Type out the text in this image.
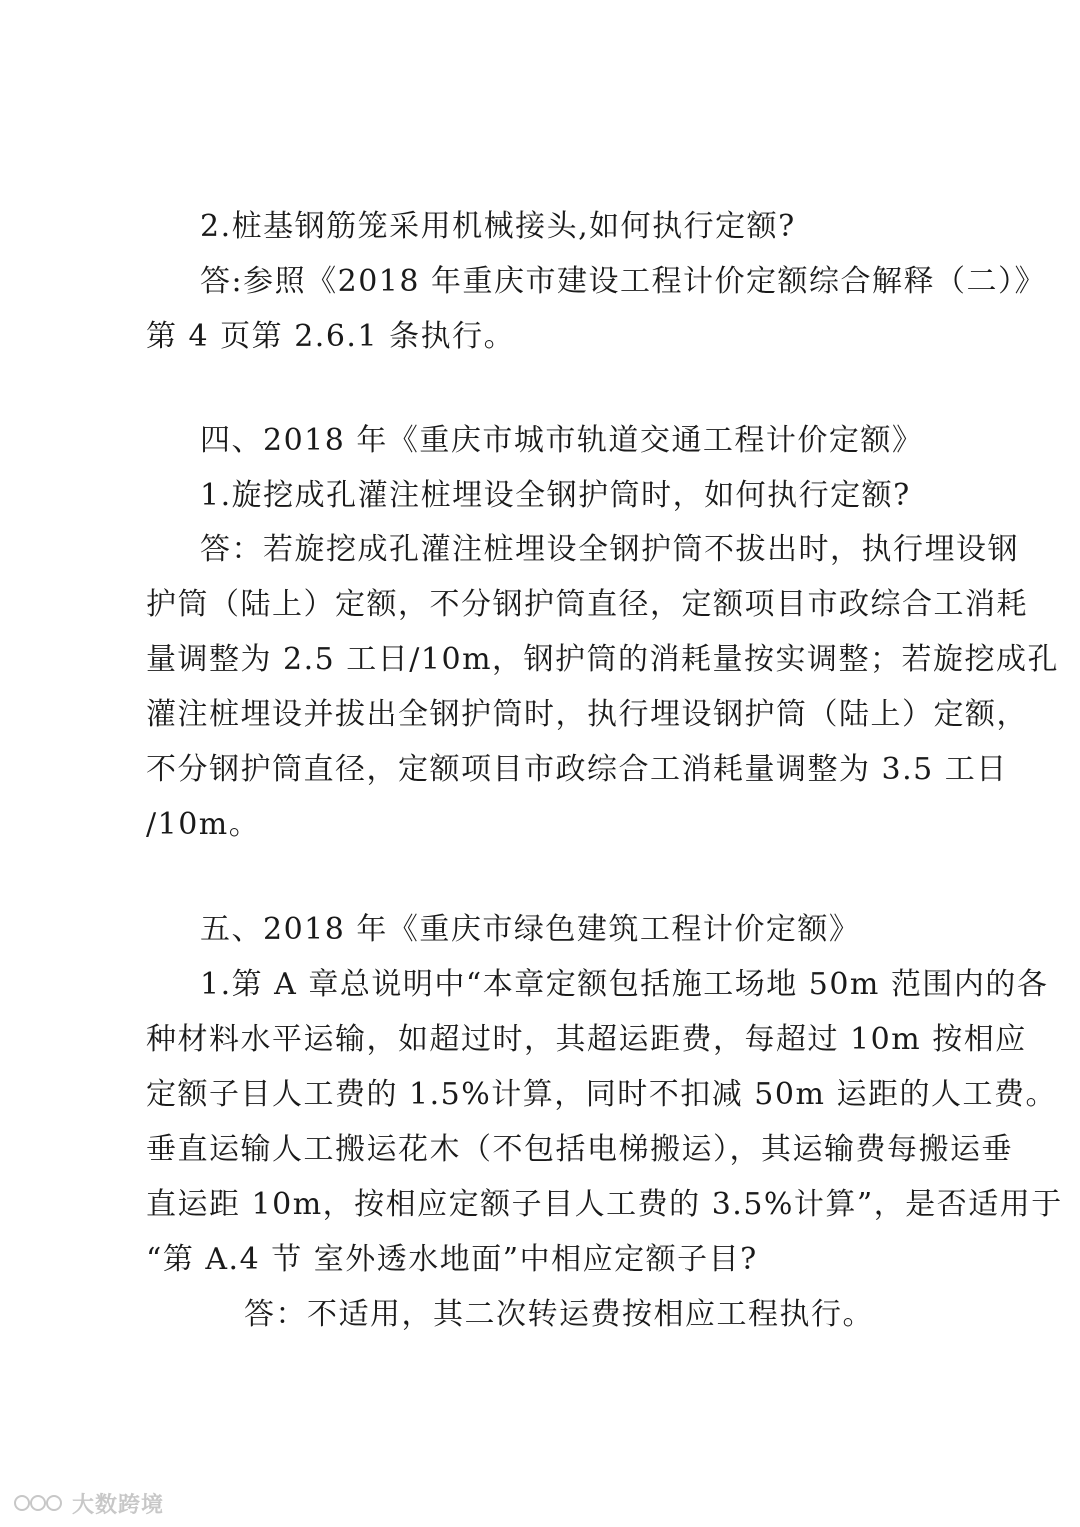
2.桩基钢筋笼采用机械接头,如何执行定额?
答:参照《2018 年重庆市建设工程计价定额综合解释（二）》
第 4 页第 2.6.1 条执行。
四、2018 年《重庆市城市轨道交通工程计价定额》
1.旋挖成孔灌注桩埋设全钢护筒时，如何执行定额?
答：若旋挖成孔灌注桩埋设全钢护筒不拔出时，执行埋设钢
护筒（陆上）定额，不分钢护筒直径，定额项目市政综合工消耗
量调整为 2.5 工日/10m，钢护筒的消耗量按实调整；若旋挖成孔
灌注桩埋设并拔出全钢护筒时，执行埋设钢护筒（陆上）定额，
不分钢护筒直径，定额项目市政综合工消耗量调整为 3.5 工日
/10m。
五、2018 年《重庆市绿色建筑工程计价定额》
1.第 A 章总说明中“本章定额包括施工场地 50m 范围内的各
种材料水平运输，如超过时，其超运距费，每超过 10m 按相应
定额子目人工费的 1.5%计算，同时不扣减 50m 运距的人工费。
垂直运输人工搬运花木（不包括电梯搬运），其运输费每搬运垂
直运距 10m，按相应定额子目人工费的 3.5%计算”，是否适用于
“第 A.4 节 室外透水地面”中相应定额子目?
答：不适用，其二次转运费按相应工程执行。
大数跨境
